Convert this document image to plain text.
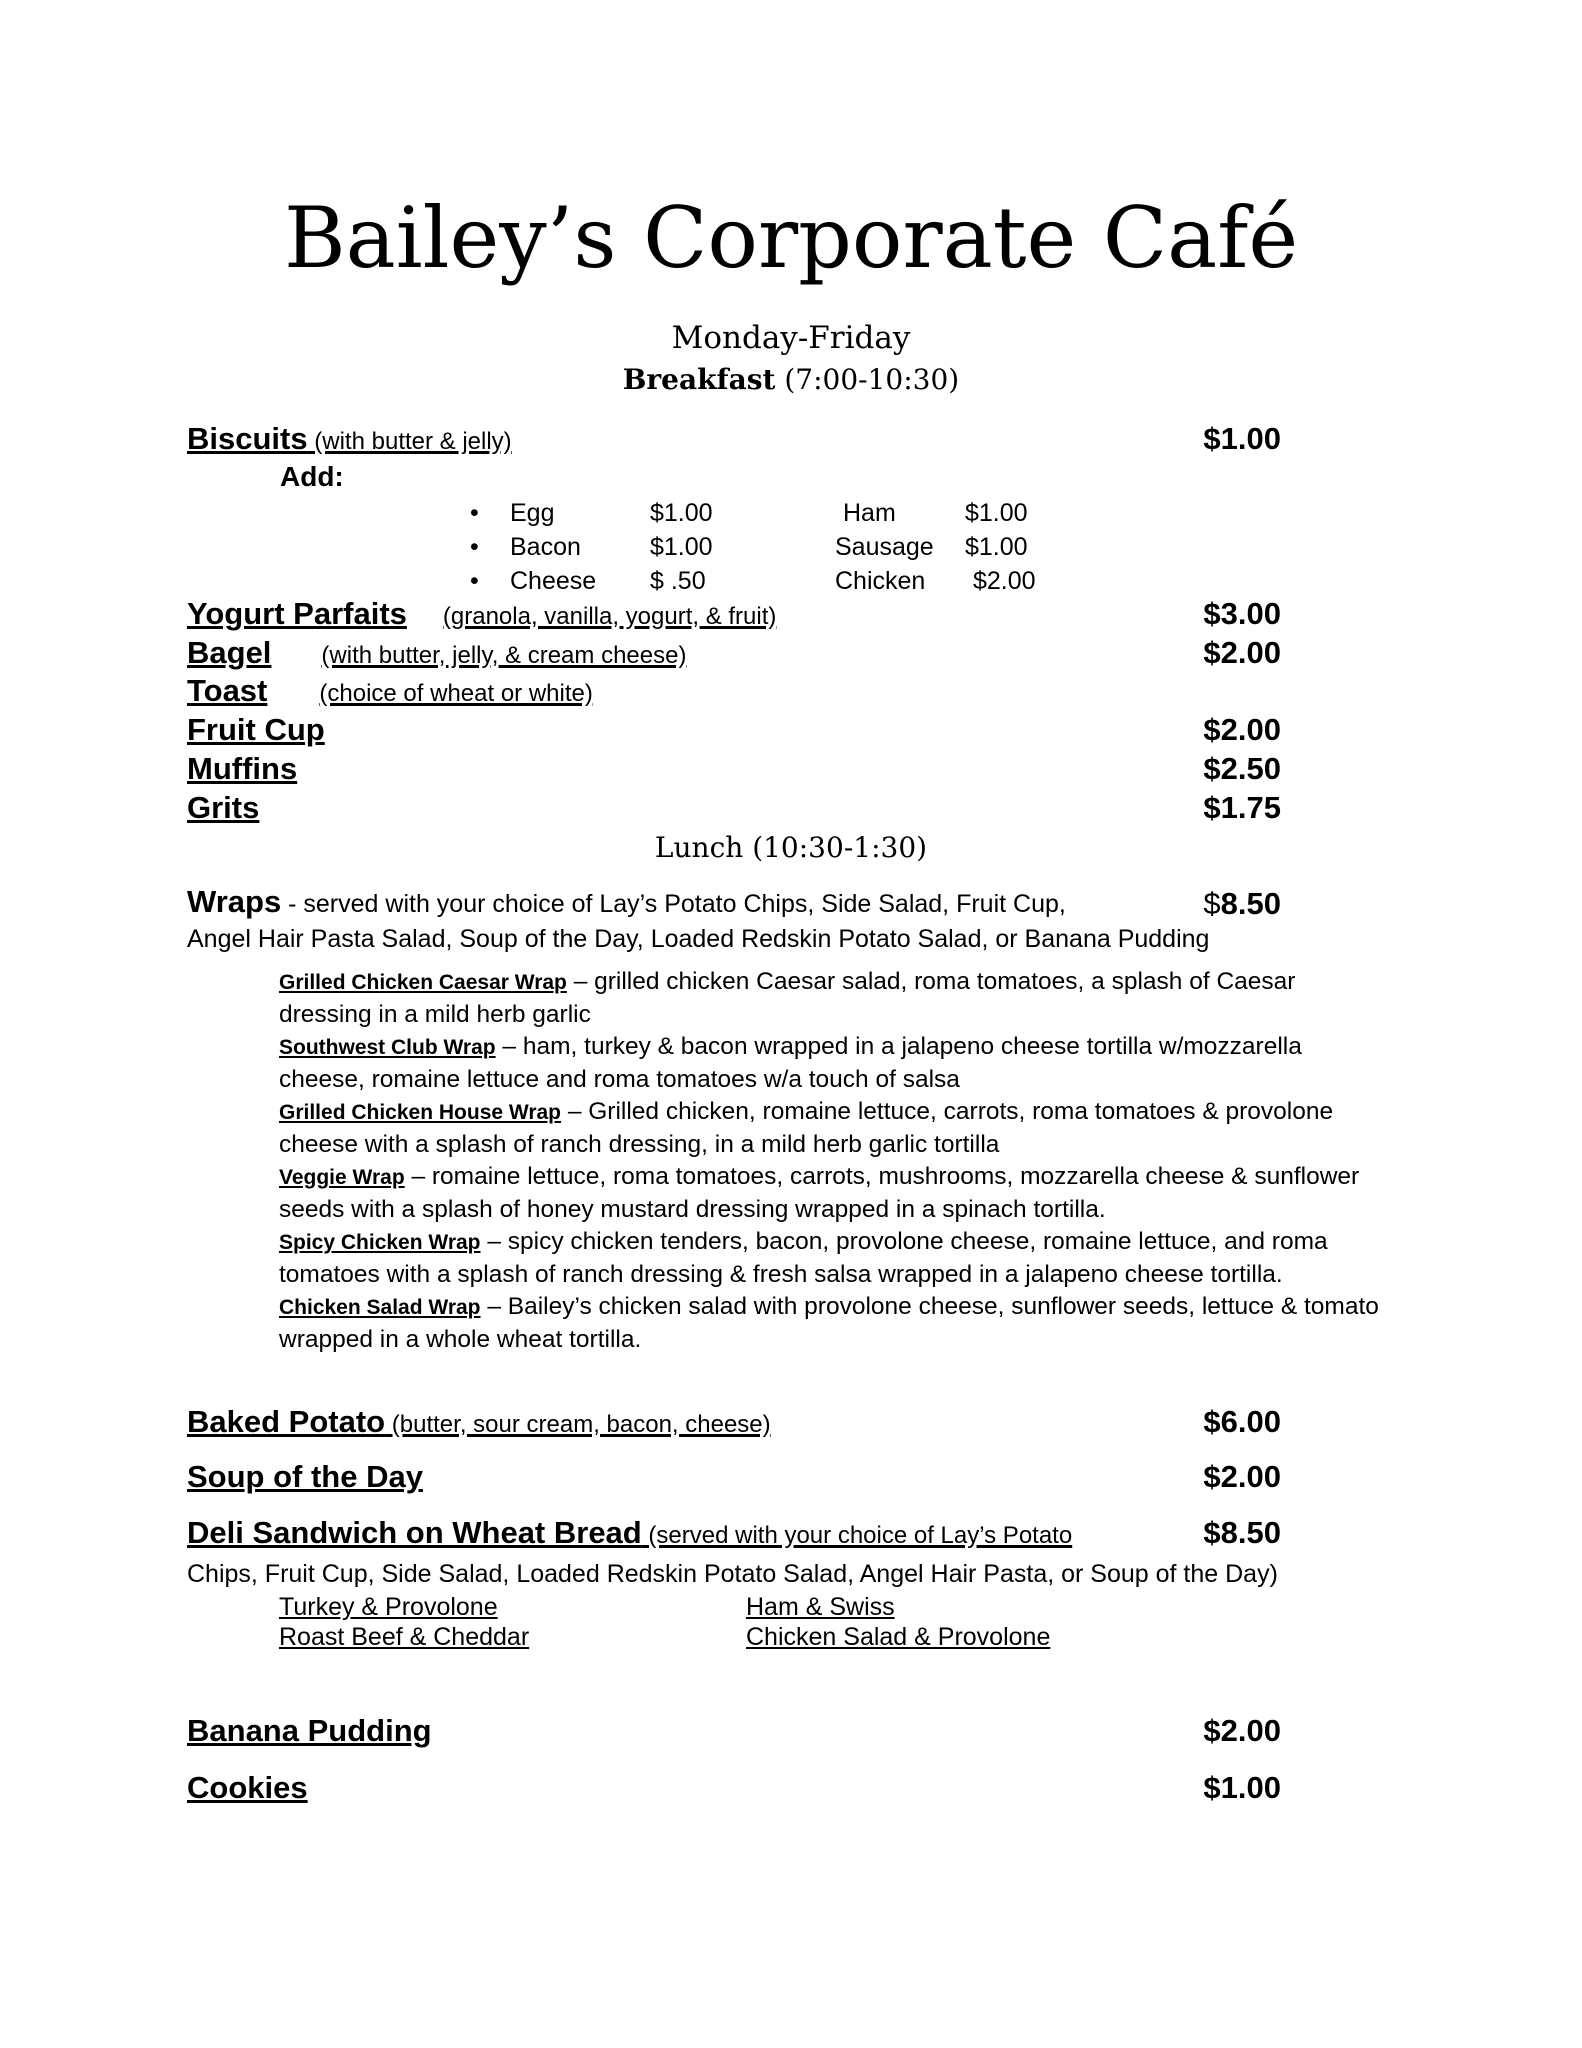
Bailey’s Corporate Café
Monday-Friday
Breakfast (7:00-10:30)
Biscuits (with butter & jelly)	$1.00
Add:
•	Egg	$1.00	Ham	$1.00
•	Bacon	$1.00	Sausage	$1.00
•	Cheese	$ .50	Chicken	$2.00
Yogurt Parfaits (granola, vanilla, yogurt, & fruit)	$3.00
Bagel (with butter, jelly, & cream cheese)	$2.00
Toast (choice of wheat or white)
Fruit Cup	$2.00
Muffins	$2.50
Grits	$1.75
Lunch (10:30-1:30)
Wraps - served with your choice of Lay’s Potato Chips, Side Salad, Fruit Cup,	$8.50
Angel Hair Pasta Salad, Soup of the Day, Loaded Redskin Potato Salad, or Banana Pudding

Grilled Chicken Caesar Wrap – grilled chicken Caesar salad, roma tomatoes, a splash of Caesar dressing in a mild herb garlic

Southwest Club Wrap – ham, turkey & bacon wrapped in a jalapeno cheese tortilla w/mozzarella cheese, romaine lettuce and roma tomatoes w/a touch of salsa

Grilled Chicken House Wrap – Grilled chicken, romaine lettuce, carrots, roma tomatoes & provolone cheese with a splash of ranch dressing, in a mild herb garlic tortilla

Veggie Wrap – romaine lettuce, roma tomatoes, carrots, mushrooms, mozzarella cheese & sunflower seeds with a splash of honey mustard dressing wrapped in a spinach tortilla.

Spicy Chicken Wrap – spicy chicken tenders, bacon, provolone cheese, romaine lettuce, and roma tomatoes with a splash of ranch dressing & fresh salsa wrapped in a jalapeno cheese tortilla.

Chicken Salad Wrap – Bailey’s chicken salad with provolone cheese, sunflower seeds, lettuce & tomato wrapped in a whole wheat tortilla.

Baked Potato (butter, sour cream, bacon, cheese)	$6.00
Soup of the Day	$2.00
Deli Sandwich on Wheat Bread (served with your choice of Lay’s Potato	$8.50
Chips, Fruit Cup, Side Salad, Loaded Redskin Potato Salad, Angel Hair Pasta, or Soup of the Day)
Turkey & Provolone	Ham & Swiss
Roast Beef & Cheddar	Chicken Salad & Provolone
Banana Pudding	$2.00
Cookies	$1.00
